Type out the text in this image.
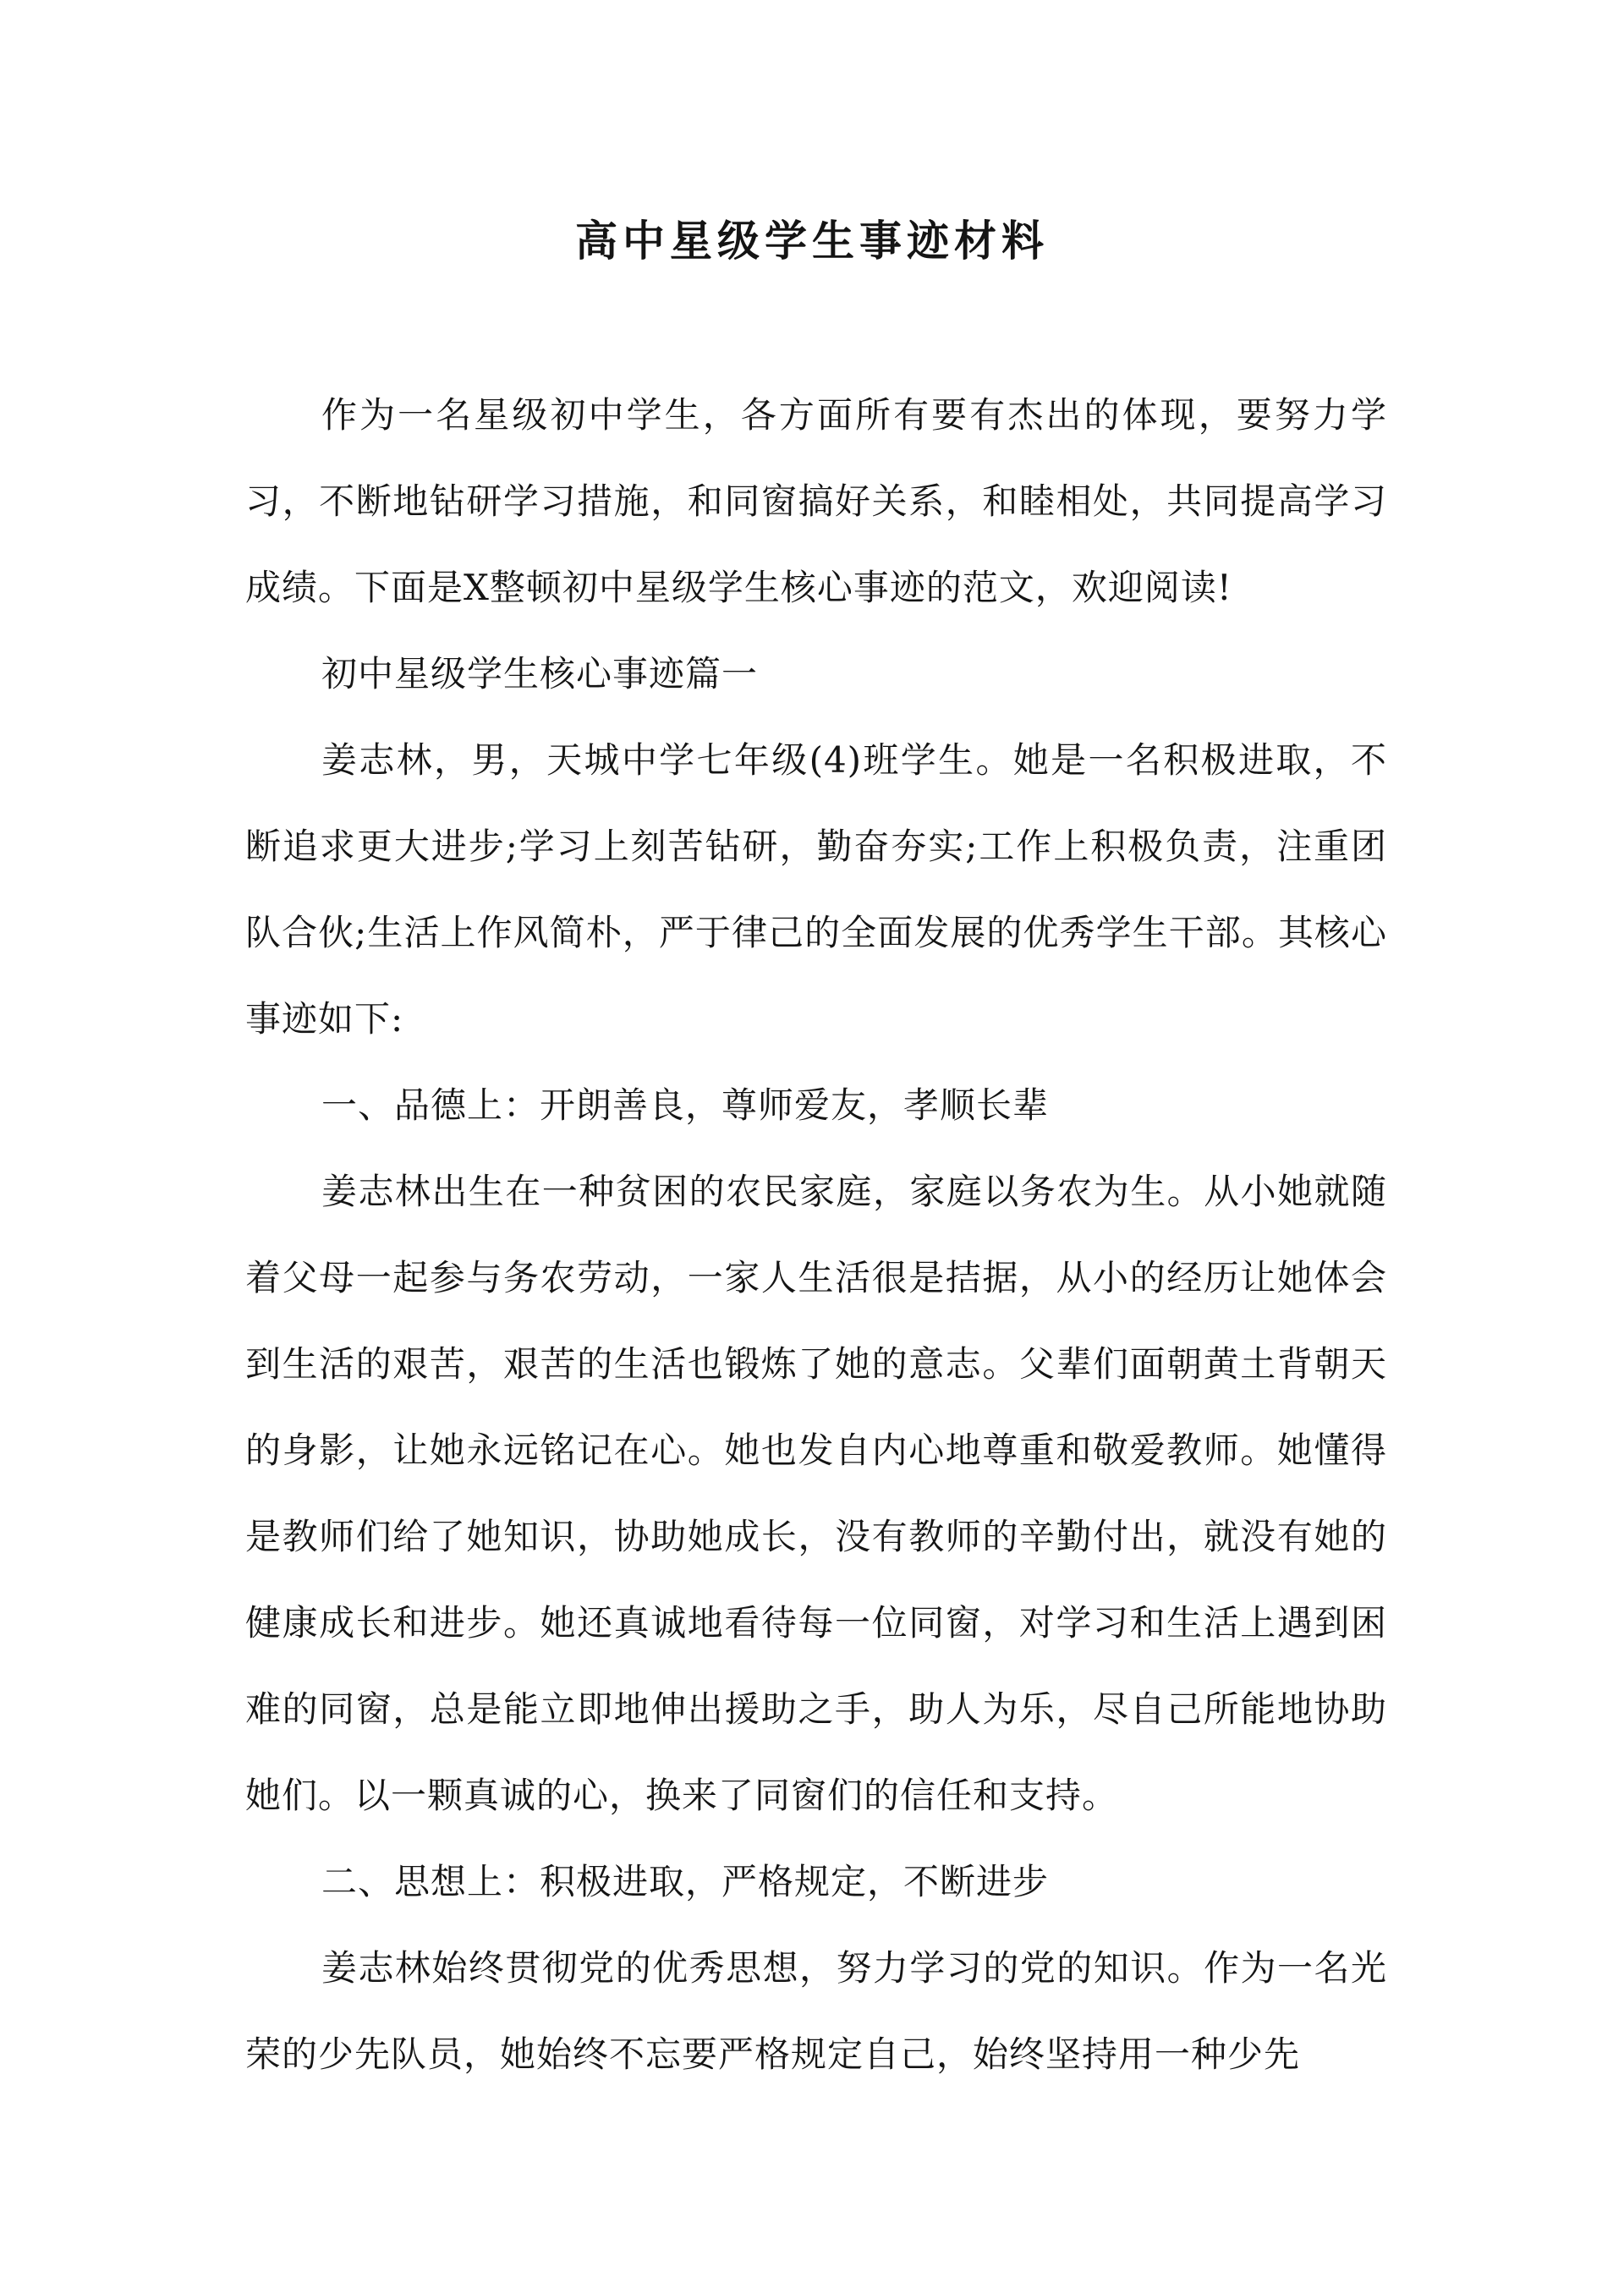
高中星级学生事迹材料

作为一名星级初中学生，各方面所有要有杰出的体现，要努力学习，不断地钻研学习措施，和同窗搞好关系，和睦相处，共同提高学习成绩。下面是X整顿初中星级学生核心事迹的范文，欢迎阅读!

初中星级学生核心事迹篇一

姜志林，男，天城中学七年级(4)班学生。她是一名积极进取，不断追求更大进步;学习上刻苦钻研，勤奋夯实;工作上积极负责，注重团队合伙;生活上作风简朴，严于律己的全面发展的优秀学生干部。其核心事迹如下:

一、品德上：开朗善良，尊师爱友，孝顺长辈

姜志林出生在一种贫困的农民家庭，家庭以务农为生。从小她就随着父母一起参与务农劳动，一家人生活很是拮据，从小的经历让她体会到生活的艰苦，艰苦的生活也锻炼了她的意志。父辈们面朝黄土背朝天的身影，让她永远铭记在心。她也发自内心地尊重和敬爱教师。她懂得是教师们给了她知识，协助她成长，没有教师的辛勤付出，就没有她的健康成长和进步。她还真诚地看待每一位同窗，对学习和生活上遇到困难的同窗，总是能立即地伸出援助之手，助人为乐，尽自己所能地协助她们。以一颗真诚的心，换来了同窗们的信任和支持。

二、思想上：积极进取，严格规定，不断进步

姜志林始终贯彻党的优秀思想，努力学习的党的知识。作为一名光荣的少先队员，她始终不忘要严格规定自己，始终坚持用一种少先
